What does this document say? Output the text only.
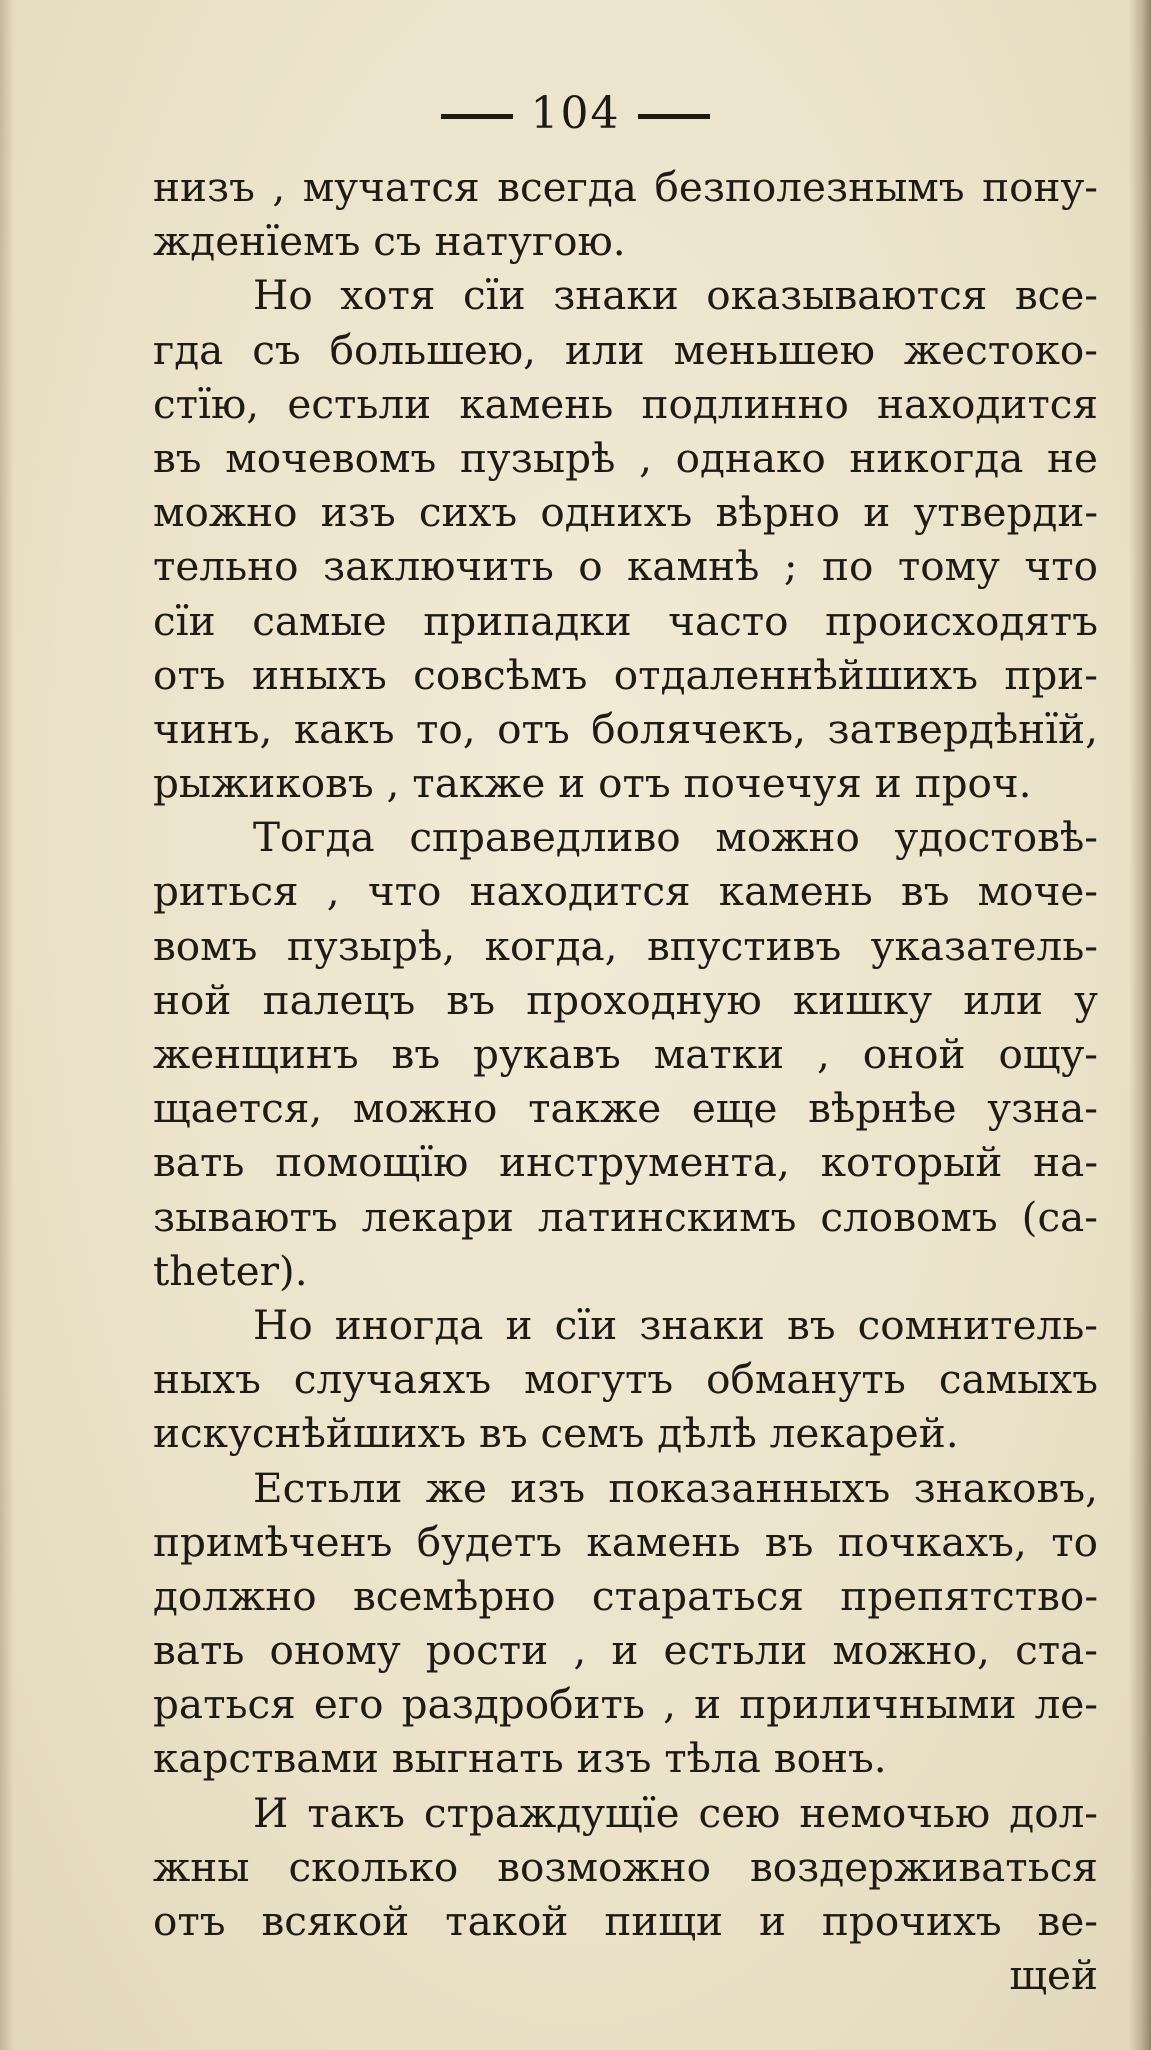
104
низъ , мучатся всегда безполезнымъ пону-
жденїемъ съ натугою.
Но хотя сїи знаки оказываются все-
гда съ большею, или меньшею жестоко-
стїю, естьли камень подлинно находится
въ мочевомъ пузырѣ , однако никогда не
можно изъ сихъ однихъ вѣрно и утверди-
тельно заключить о камнѣ ; по тому что
сїи самые припадки часто происходятъ
отъ иныхъ совсѣмъ отдаленнѣйшихъ при-
чинъ, какъ то, отъ болячекъ, затвердѣнїй,
рыжиковъ , также и отъ почечуя и проч.
Тогда справедливо можно удостовѣ-
риться , что находится камень въ моче-
вомъ пузырѣ, когда, впустивъ указатель-
ной палецъ въ проходную кишку или у
женщинъ въ рукавъ матки , оной ощу-
щается, можно также еще вѣрнѣе узна-
вать помощїю инструмента, который на-
зываютъ лекари латинскимъ словомъ (ca-
theter).
Но иногда и сїи знаки въ сомнитель-
ныхъ случаяхъ могутъ обмануть самыхъ
искуснѣйшихъ въ семъ дѣлѣ лекарей.
Естьли же изъ показанныхъ знаковъ,
примѣченъ будетъ камень въ почкахъ, то
должно всемѣрно стараться препятство-
вать оному рости , и естьли можно, ста-
раться его раздробить , и приличными ле-
карствами выгнать изъ тѣла вонъ.
И такъ страждущїе сею немочью дол-
жны сколько возможно воздерживаться
отъ всякой такой пищи и прочихъ ве-
щей
